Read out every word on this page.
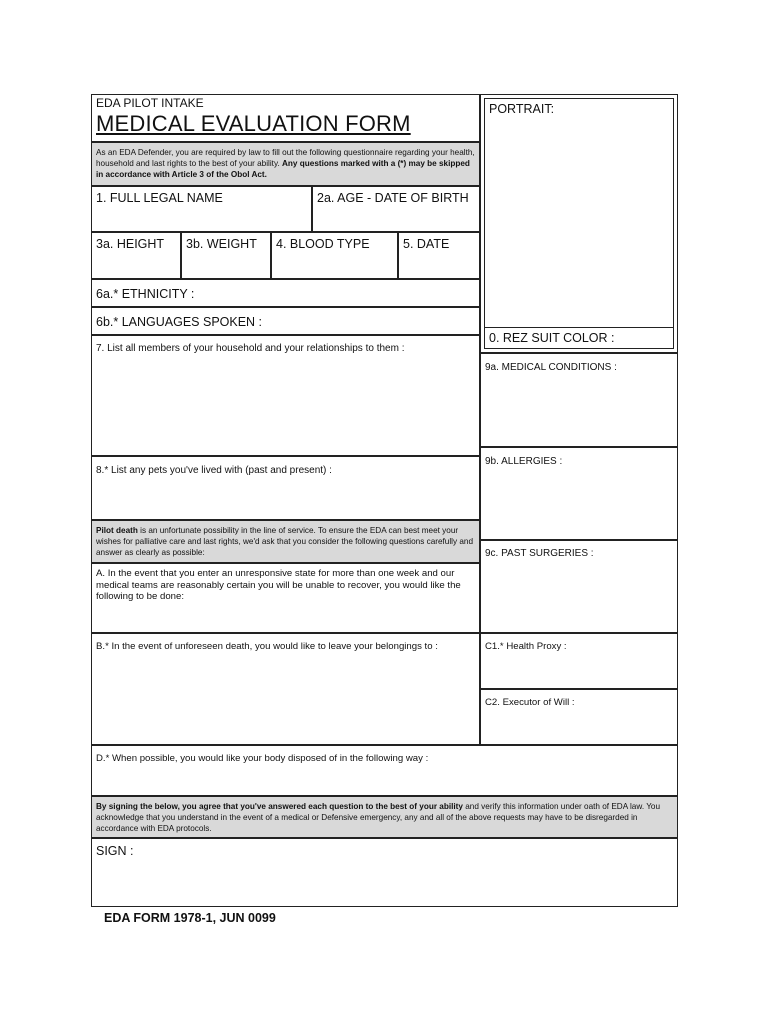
EDA PILOT INTAKE
MEDICAL EVALUATION FORM
As an EDA Defender, you are required by law to fill out the following questionnaire regarding your health, household and last rights to the best of your ability. Any questions marked with a (*) may be skipped in accordance with Article 3 of the Obol Act.
1. FULL LEGAL NAME	2a. AGE - DATE OF BIRTH
3a. HEIGHT 3b. WEIGHT 4. BLOOD TYPE	5. DATE
6a.* ETHNICITY :
6b.* LANGUAGES SPOKEN :
PORTRAIT:
0. REZ SUIT COLOR :
7. List all members of your household and your relationships to them :
8.* List any pets you've lived with (past and present) :
Pilot death is an unfortunate possibility in the line of service. To ensure the EDA can best meet your wishes for palliative care and last rights, we'd ask that you consider the following questions carefully and answer as clearly as possible:
A. In the event that you enter an unresponsive state for more than one week and our medical teams are reasonably certain you will be unable to recover, you would like the following to be done:
9a. MEDICAL CONDITIONS :
9b. ALLERGIES :
9c. PAST SURGERIES :
B.* In the event of unforeseen death, you would like to leave your belongings to :	C1.* Health Proxy :
C2. Executor of Will :
D.* When possible, you would like your body disposed of in the following way :
By signing the below, you agree that you've answered each question to the best of your ability and verify this information under oath of EDA law. You acknowledge that you understand in the event of a medical or Defensive emergency, any and all of the above requests may have to be disregarded in accordance with EDA protocols.
SIGN :
EDA FORM 1978-1, JUN 0099
